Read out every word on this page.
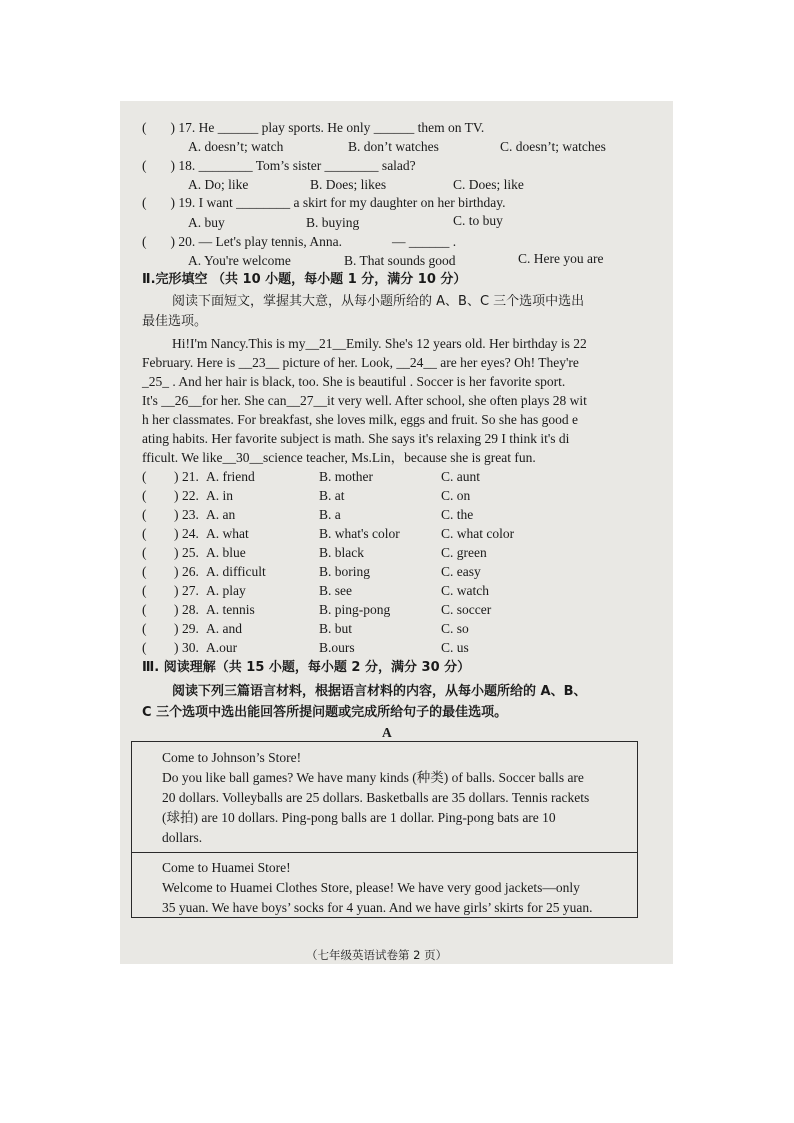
( ) 17. He ______ play sports. He only ______ them on TV.
A. doesn’t; watch	B. don’t watches	C. doesn’t; watches
( ) 18. ________ Tom’s sister ________ salad?
A. Do; like	B. Does; likes	C. Does; like
( ) 19. I want ________ a skirt for my daughter on her birthday.
A. buy	B. buying	C. to buy
( ) 20. — Let's play tennis, Anna.	— ______ .
A. You're welcome	B. That sounds good	C. Here you are
Ⅱ.完形填空 （共 10 小题，每小题 1 分，满分 10 分）
阅读下面短文，掌握其大意，从每小题所给的 A、B、C 三个选项中选出
最佳选项。
Hi!I'm Nancy.This is my__21__Emily. She's 12 years old. Her birthday is 22
February. Here is __23__ picture of her. Look, __24__ are her eyes? Oh! They're
_25_ . And her hair is black, too. She is beautiful . Soccer is her favorite sport.
It's __26__for her. She can__27__it very well. After school, she often plays 28 wit
h her classmates. For breakfast, she loves milk, eggs and fruit. So she has good e
ating habits. Her favorite subject is math. She says it's relaxing 29 I think it's di
fficult. We like__30__science teacher, Ms.Lin，because she is great fun.
( ) 21. A. friend	B. mother	C. aunt
( ) 22. A. in	B. at	C. on
( ) 23. A. an	B. a	C. the
( ) 24. A. what	B. what's color	C. what color
( ) 25. A. blue	B. black	C. green
( ) 26. A. difficult	B. boring	C. easy
( ) 27. A. play	B. see	C. watch
( ) 28. A. tennis	B. ping-pong	C. soccer
( ) 29. A. and	B. but	C. so
( ) 30. A.our	B.ours	C. us
Ⅲ. 阅读理解（共 15 小题，每小题 2 分，满分 30 分）
阅读下列三篇语言材料，根据语言材料的内容，从每小题所给的 A、B、
C 三个选项中选出能回答所提问题或完成所给句子的最佳选项。
A
Come to Johnson’s Store!
Do you like ball games? We have many kinds (种类) of balls. Soccer balls are
20 dollars. Volleyballs are 25 dollars. Basketballs are 35 dollars. Tennis rackets
(球拍) are 10 dollars. Ping-pong balls are 1 dollar. Ping-pong bats are 10
dollars.
Come to Huamei Store!
Welcome to Huamei Clothes Store, please! We have very good jackets—only
35 yuan. We have boys’ socks for 4 yuan. And we have girls’ skirts for 25 yuan.
（七年级英语试卷第 2 页）
